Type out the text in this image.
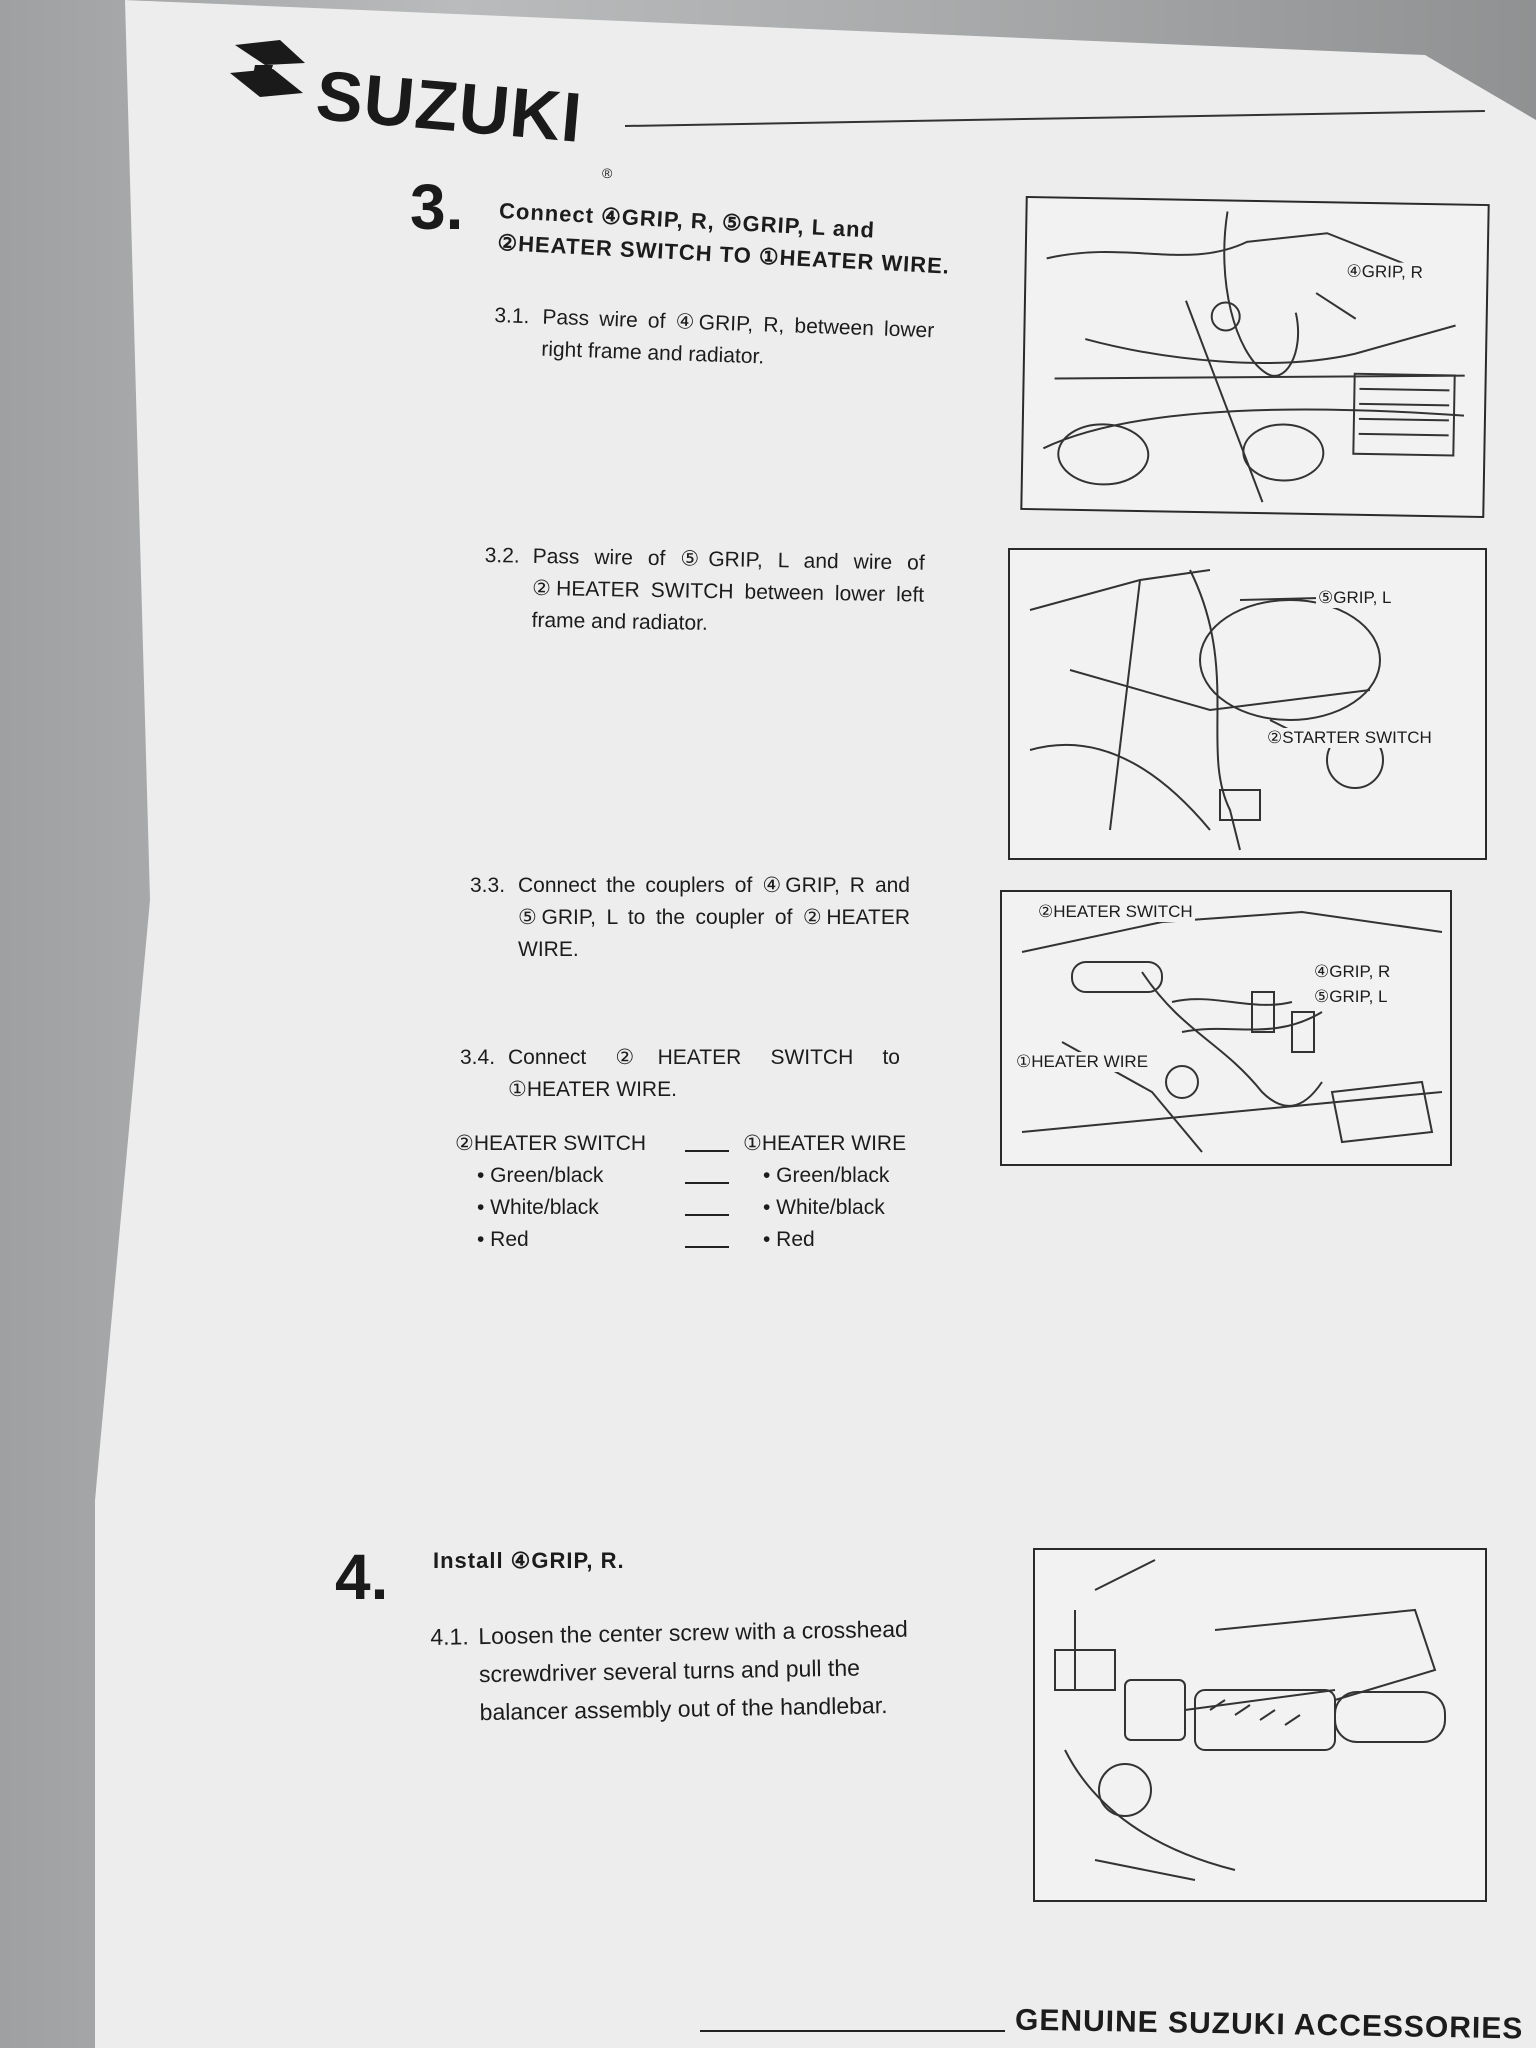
SUZUKI
®
3. Connect ④GRIP, R, ⑤GRIP, L and
②HEATER SWITCH TO ①HEATER WIRE.
3.1. Pass wire of ④GRIP, R, between lower right frame and radiator.
3.2. Pass wire of ⑤GRIP, L and wire of ②HEATER SWITCH between lower left frame and radiator.
3.3. Connect the couplers of ④GRIP, R and ⑤GRIP, L to the coupler of ②HEATER WIRE.
3.4. Connect ②HEATER SWITCH to ①HEATER WIRE.
②HEATER SWITCH
• Green/black
• White/black
• Red
①HEATER WIRE
• Green/black
• White/black
• Red
④GRIP, R
⑤GRIP, L
②STARTER SWITCH
②HEATER SWITCH
④GRIP, R
⑤GRIP, L
①HEATER WIRE
4. Install ④GRIP, R.
4.1. Loosen the center screw with a crosshead screwdriver several turns and pull the balancer assembly out of the handlebar.
GENUINE SUZUKI ACCESSORIES
